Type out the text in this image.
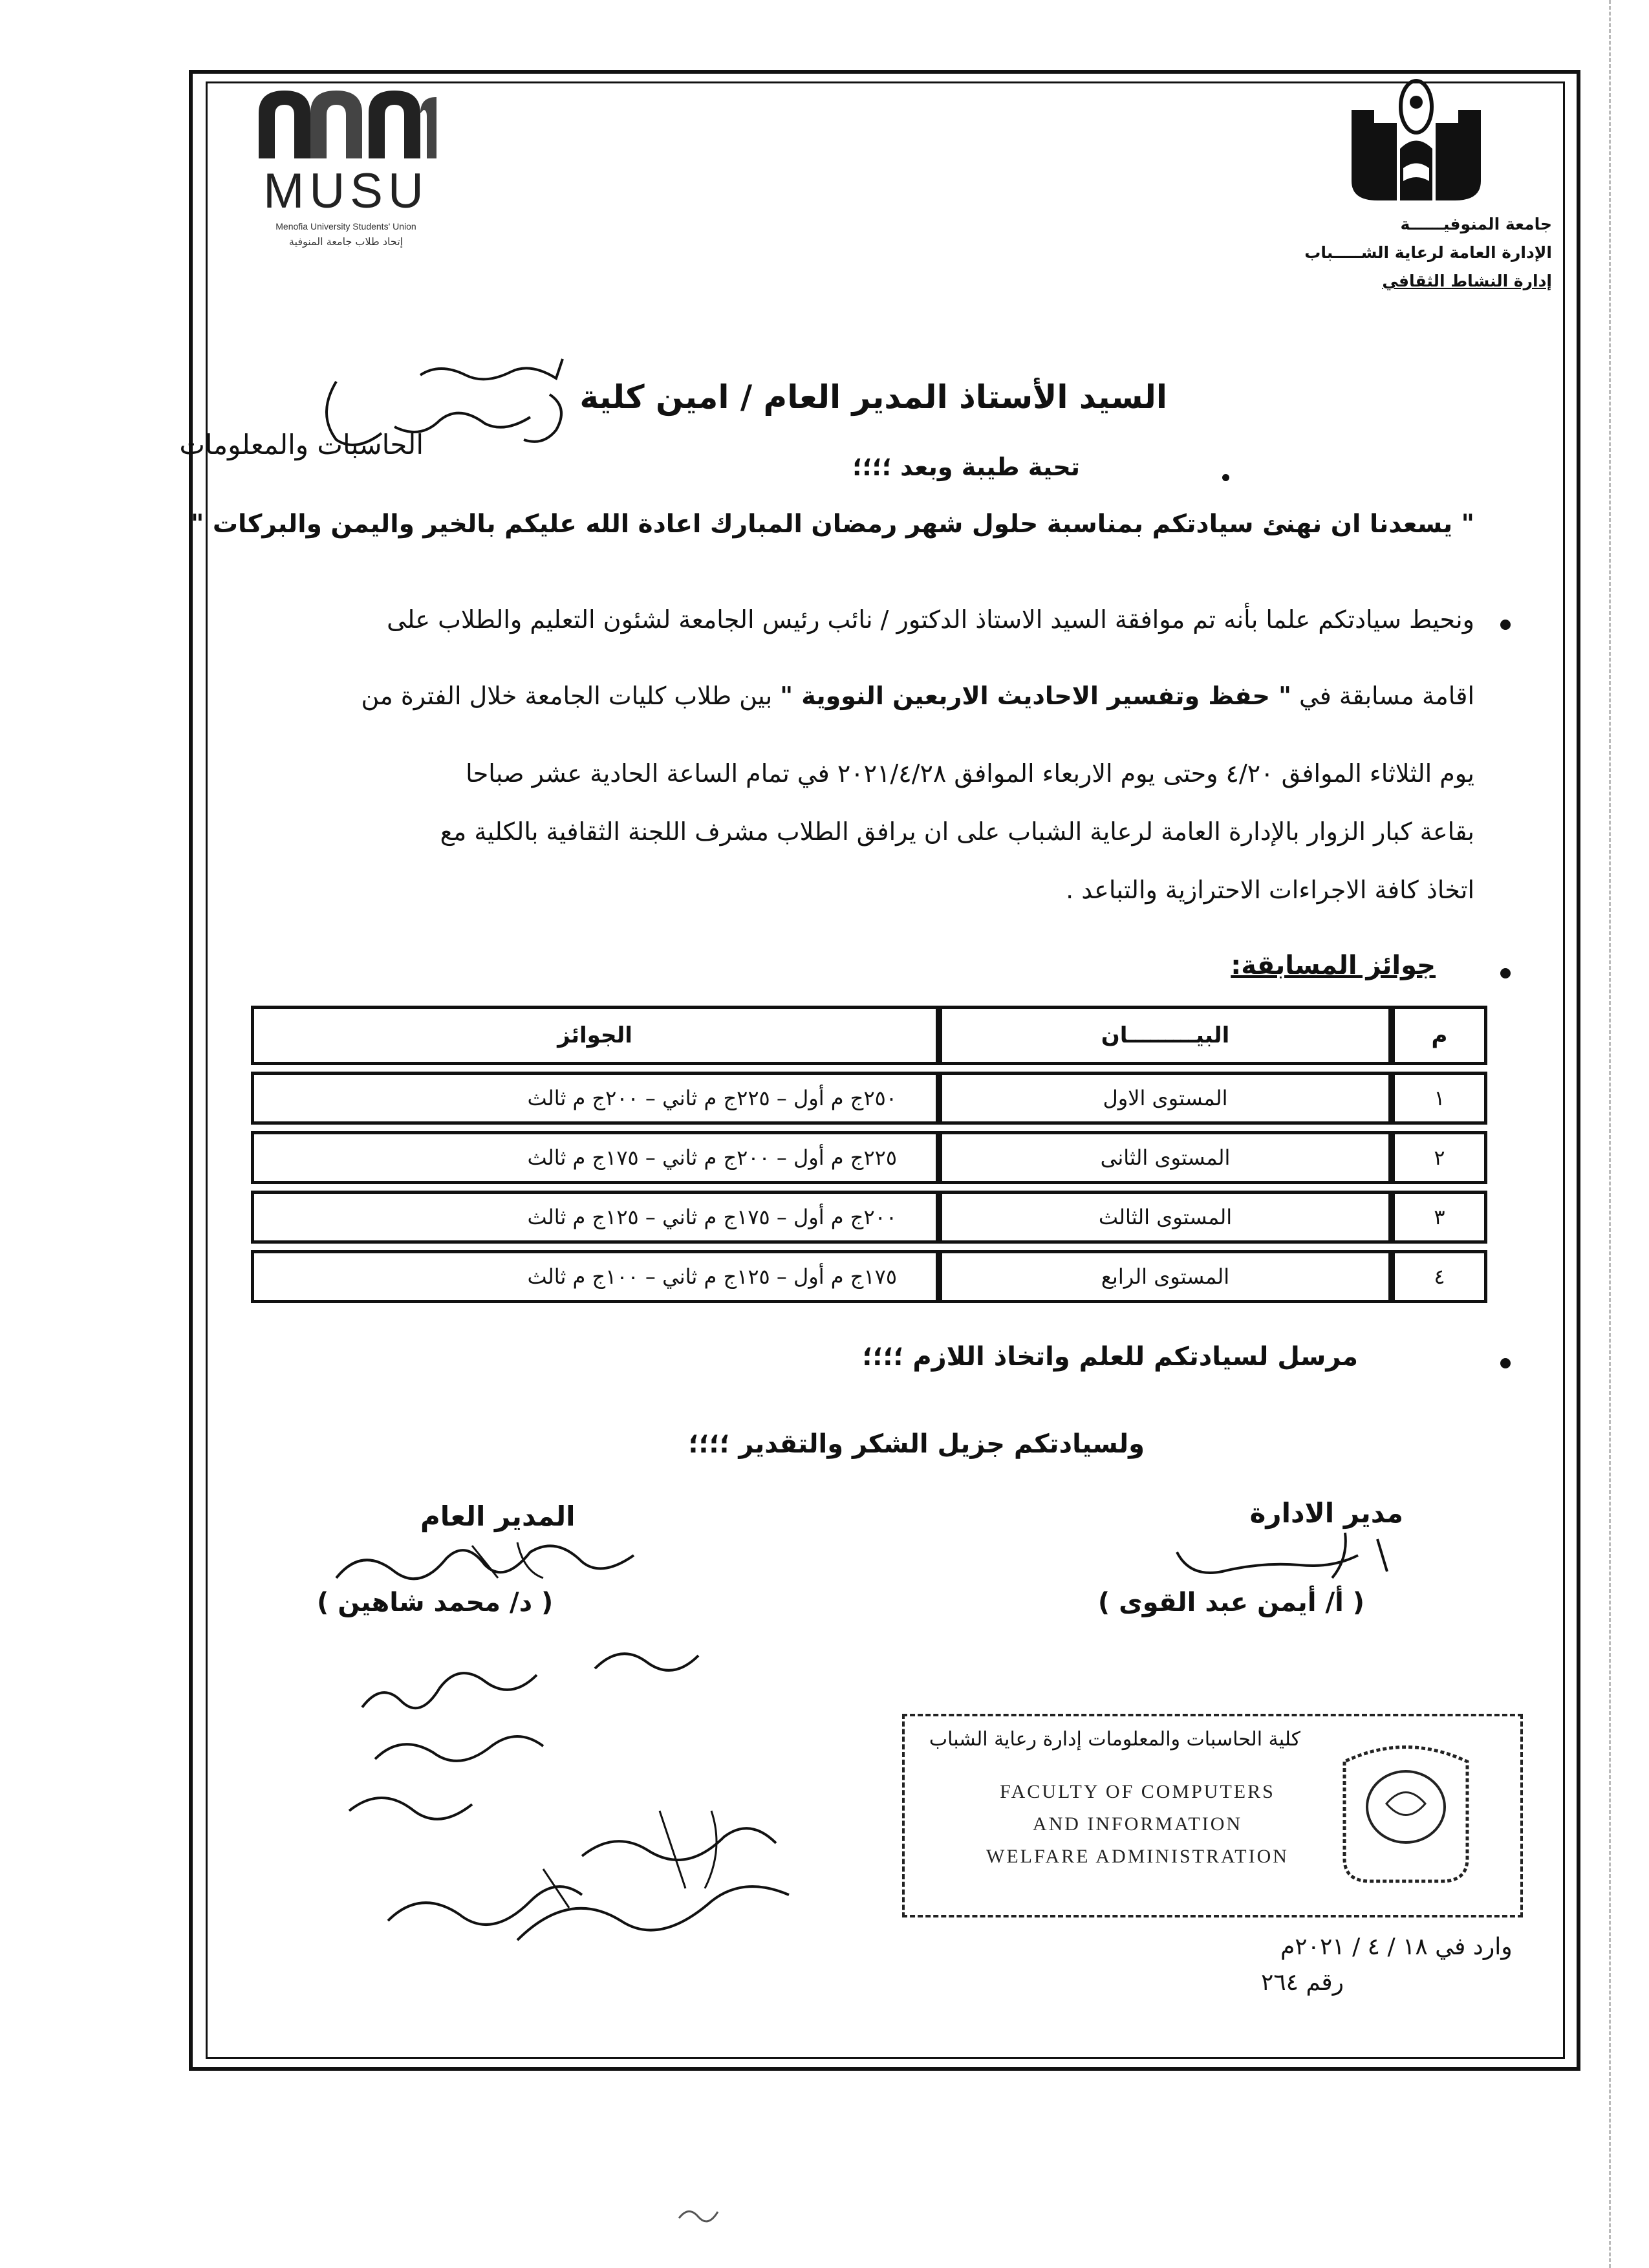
MUSU
Menofia University Students' Union
إتحاد طلاب جامعة المنوفية
جامعة المنوفيــــــة
الإدارة العامة لرعاية الشـــــباب
إدارة النشاط الثقافي
السيد الأستاذ المدير العام / امين كلية
الحاسبات والمعلومات
تحية طيبة وبعد ؛؛؛؛
" يسعدنا ان نهنئ سيادتكم بمناسبة حلول شهر رمضان المبارك اعادة الله عليكم بالخير واليمن والبركات "
ونحيط سيادتكم علما بأنه تم موافقة السيد الاستاذ الدكتور / نائب رئيس الجامعة لشئون التعليم والطلاب على
اقامة مسابقة في " حفظ وتفسير الاحاديث الاربعين النووية " بين طلاب كليات الجامعة خلال الفترة من
يوم الثلاثاء الموافق ٤/٢٠ وحتى يوم الاربعاء الموافق ٢٠٢١/٤/٢٨ في تمام الساعة الحادية عشر صباحا
بقاعة كبار الزوار بالإدارة العامة لرعاية الشباب على ان يرافق الطلاب مشرف اللجنة الثقافية بالكلية مع
اتخاذ كافة الاجراءات الاحترازية والتباعد .
جوائز المسابقة:
م	البيـــــــــان	الجوائز
١	المستوى الاول	٢٥٠ج م أول – ٢٢٥ج م ثاني – ٢٠٠ج م ثالث
٢	المستوى الثانى	٢٢٥ج م أول – ٢٠٠ج م ثاني – ١٧٥ج م ثالث
٣	المستوى الثالث	٢٠٠ج م أول – ١٧٥ج م ثاني – ١٢٥ج م ثالث
٤	المستوى الرابع	١٧٥ج م أول – ١٢٥ج م ثاني – ١٠٠ج م ثالث
مرسل لسيادتكم للعلم واتخاذ اللازم ؛؛؛؛
ولسيادتكم جزيل الشكر والتقدير ؛؛؛؛
المدير العام
( د/ محمد شاهين )
مدير الادارة
( أ/ أيمن عبد القوى )
كلية الحاسبات والمعلومات إدارة رعاية الشباب
FACULTY OF COMPUTERS
AND INFORMATION
WELFARE ADMINISTRATION
وارد في ١٨ / ٤ / ٢٠٢١م
رقم ٢٦٤
